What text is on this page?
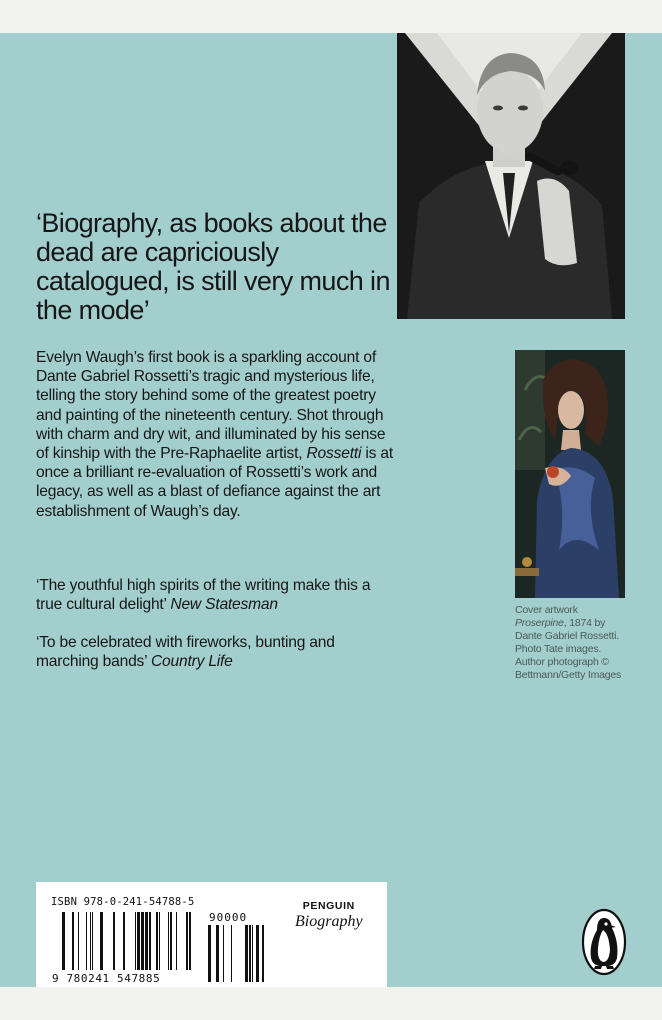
‘Biography, as books about the dead are capriciously catalogued, is still very much in the mode’

Evelyn Waugh’s first book is a sparkling account of Dante Gabriel Rossetti’s tragic and mysterious life, telling the story behind some of the greatest poetry and painting of the nineteenth century. Shot through with charm and dry wit, and illuminated by his sense of kinship with the Pre-Raphaelite artist, Rossetti is at once a brilliant re-evaluation of Rossetti’s work and legacy, as well as a blast of defiance against the art establishment of Waugh’s day.

‘The youthful high spirits of the writing make this a true cultural delight’ New Statesman

‘To be celebrated with fireworks, bunting and marching bands’ Country Life

Cover artwork
Proserpine, 1874 by Dante Gabriel Rossetti. Photo Tate images.
Author photograph © Bettmann/Getty Images
ISBN 978-0-241-54788-5
90000
9 780241 547885
PENGUIN
Biography
